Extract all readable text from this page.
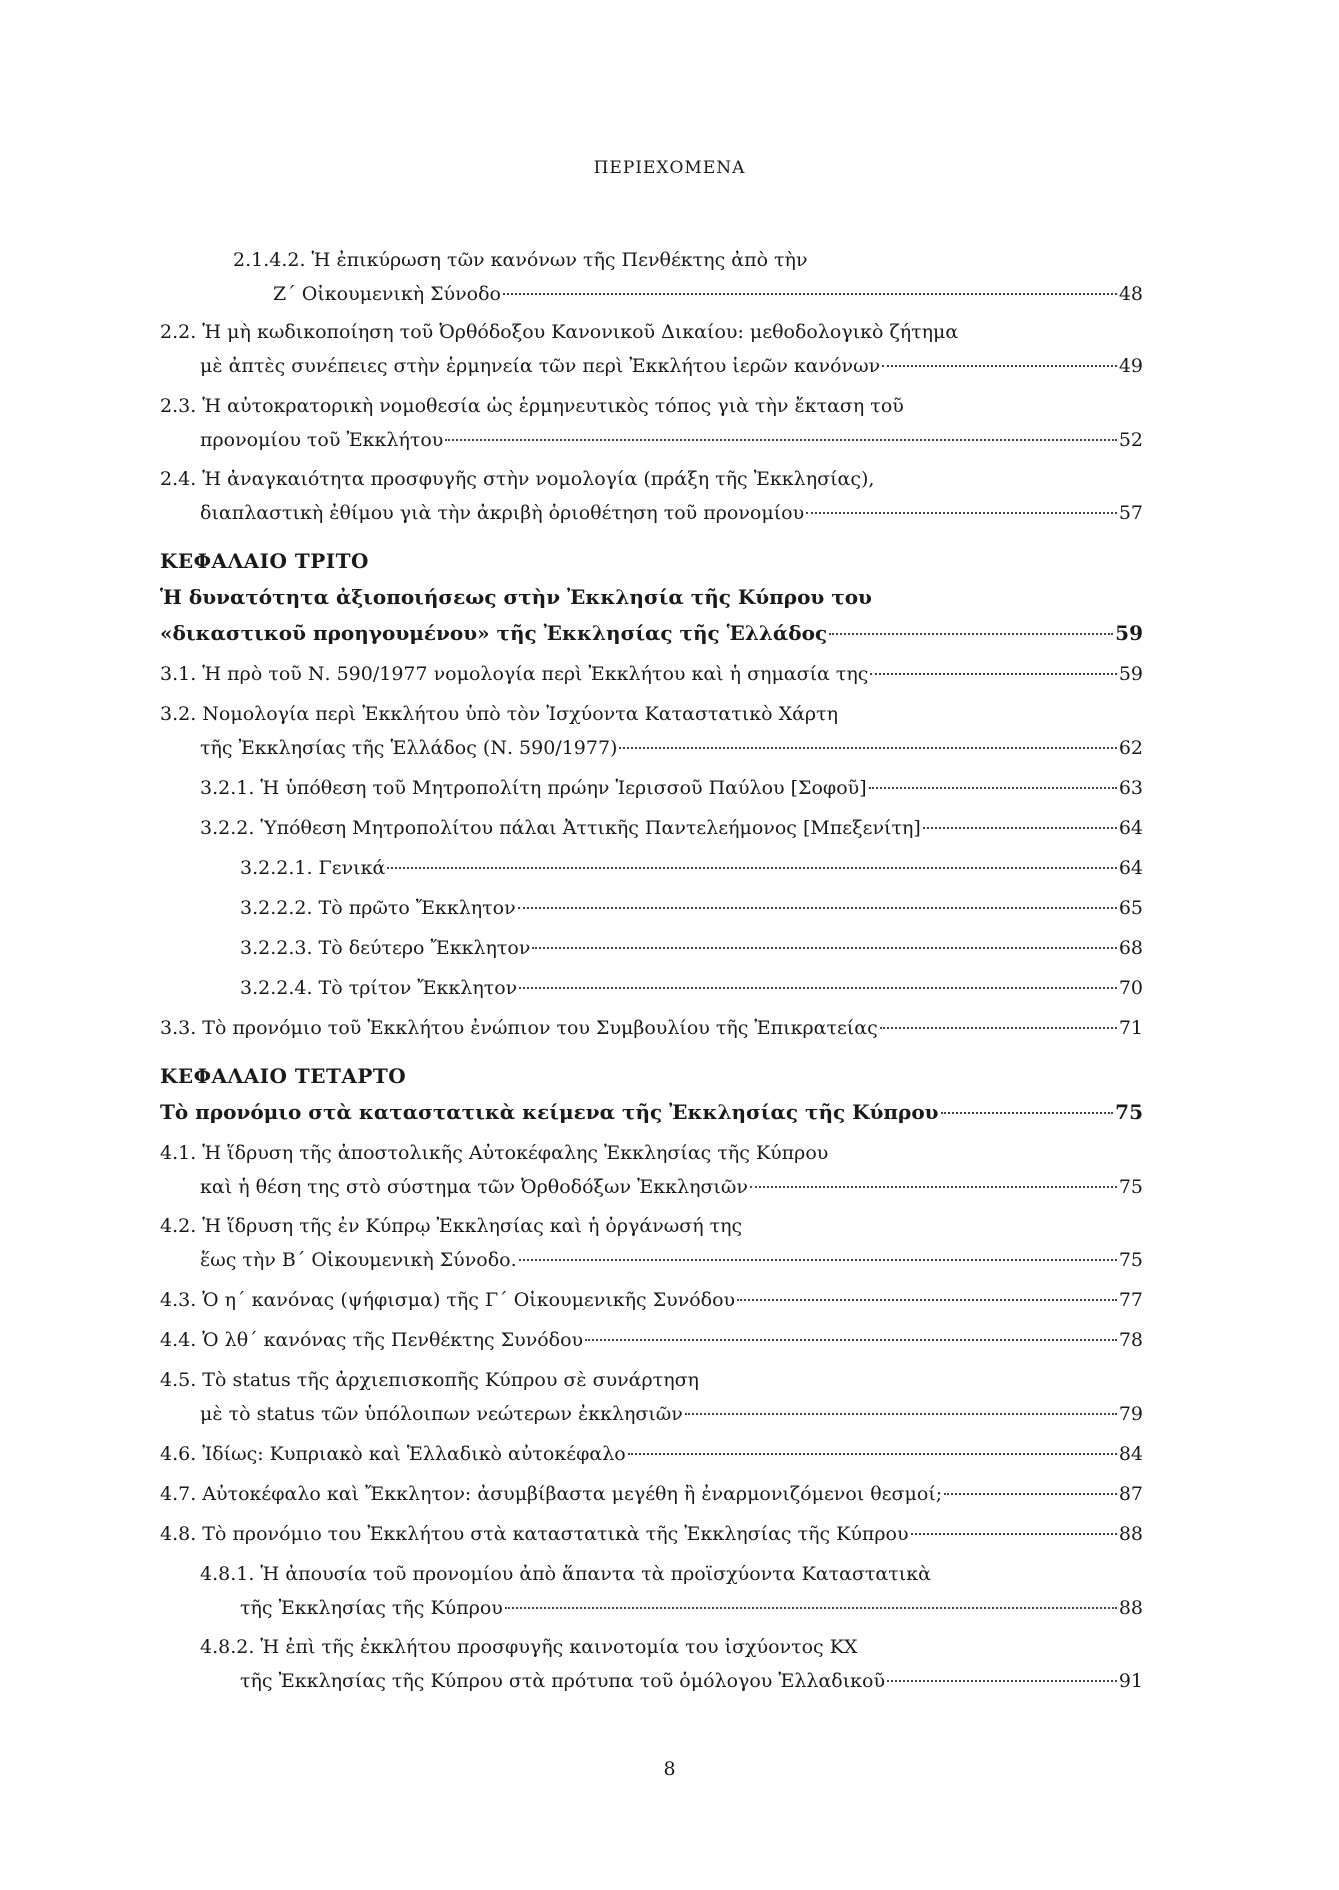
ΠΕΡΙΕΧΟΜΕΝΑ
2.1.4.2. Ἡ ἐπικύρωση τῶν κανόνων τῆς Πενθέκτης ἀπὸ τὴν
Ζ΄ Οἰκουμενικὴ Σύνοδο	48
2.2. Ἡ μὴ κωδικοποίηση τοῦ Ὀρθόδοξου Κανονικοῦ Δικαίου: μεθοδολογικὸ ζήτημα
μὲ ἀπτὲς συνέπειες στὴν ἑρμηνεία τῶν περὶ Ἐκκλήτου ἱερῶν κανόνων	49
2.3. Ἡ αὐτοκρατορικὴ νομοθεσία ὡς ἑρμηνευτικὸς τόπος γιὰ τὴν ἔκταση τοῦ
προνομίου τοῦ Ἐκκλήτου	52
2.4. Ἡ ἀναγκαιότητα προσφυγῆς στὴν νομολογία (πράξη τῆς Ἐκκλησίας),
διαπλαστικὴ ἐθίμου γιὰ τὴν ἀκριβὴ ὁριοθέτηση τοῦ προνομίου	57
ΚΕΦΑΛΑΙΟ ΤΡΙΤΟ
Ἡ δυνατότητα ἀξιοποιήσεως στὴν Ἐκκλησία τῆς Κύπρου του
«δικαστικοῦ προηγουμένου» τῆς Ἐκκλησίας τῆς Ἑλλάδος	59
3.1. Ἡ πρὸ τοῦ Ν. 590/1977 νομολογία περὶ Ἐκκλήτου καὶ ἡ σημασία της	59
3.2. Νομολογία περὶ Ἐκκλήτου ὑπὸ τὸν Ἰσχύοντα Καταστατικὸ Χάρτη
τῆς Ἐκκλησίας τῆς Ἑλλάδος (Ν. 590/1977)	62
3.2.1. Ἡ ὑπόθεση τοῦ Μητροπολίτη πρώην Ἱερισσοῦ Παύλου [Σοφοῦ]	63
3.2.2. Ὑπόθεση Μητροπολίτου πάλαι Ἀττικῆς Παντελεήμονος [Μπεξενίτη]	64
3.2.2.1. Γενικά	64
3.2.2.2. Τὸ πρῶτο Ἔκκλητον	65
3.2.2.3. Τὸ δεύτερο Ἔκκλητον	68
3.2.2.4. Τὸ τρίτον Ἔκκλητον	70
3.3. Τὸ προνόμιο τοῦ Ἐκκλήτου ἐνώπιον του Συμβουλίου τῆς Ἐπικρατείας	71
ΚΕΦΑΛΑΙΟ ΤΕΤΑΡΤΟ
Τὸ προνόμιο στὰ καταστατικὰ κείμενα τῆς Ἐκκλησίας τῆς Κύπρου	75
4.1. Ἡ ἵδρυση τῆς ἀποστολικῆς Αὐτοκέφαλης Ἐκκλησίας τῆς Κύπρου
καὶ ἡ θέση της στὸ σύστημα τῶν Ὀρθοδόξων Ἐκκλησιῶν	75
4.2. Ἡ ἵδρυση τῆς ἐν Κύπρῳ Ἐκκλησίας καὶ ἡ ὀργάνωσή της
ἕως τὴν Β΄ Οἰκουμενικὴ Σύνοδο.	75
4.3. Ὁ η΄ κανόνας (ψήφισμα) τῆς Γ΄ Οἰκουμενικῆς Συνόδου	77
4.4. Ὁ λθ΄ κανόνας τῆς Πενθέκτης Συνόδου	78
4.5. Τὸ status τῆς ἀρχιεπισκοπῆς Κύπρου σὲ συνάρτηση
μὲ τὸ status τῶν ὑπόλοιπων νεώτερων ἐκκλησιῶν	79
4.6. Ἰδίως: Κυπριακὸ καὶ Ἑλλαδικὸ αὐτοκέφαλο	84
4.7. Αὐτοκέφαλο καὶ Ἔκκλητον: ἀσυμβίβαστα μεγέθη ἢ ἐναρμονιζόμενοι θεσμοί;	87
4.8. Τὸ προνόμιο του Ἐκκλήτου στὰ καταστατικὰ τῆς Ἐκκλησίας τῆς Κύπρου	88
4.8.1. Ἡ ἀπουσία τοῦ προνομίου ἀπὸ ἅπαντα τὰ προϊσχύοντα Καταστατικὰ
τῆς Ἐκκλησίας τῆς Κύπρου	88
4.8.2. Ἡ ἐπὶ τῆς ἐκκλήτου προσφυγῆς καινοτομία του ἰσχύοντος ΚΧ
τῆς Ἐκκλησίας τῆς Κύπρου στὰ πρότυπα τοῦ ὁμόλογου Ἑλλαδικοῦ	91
8
